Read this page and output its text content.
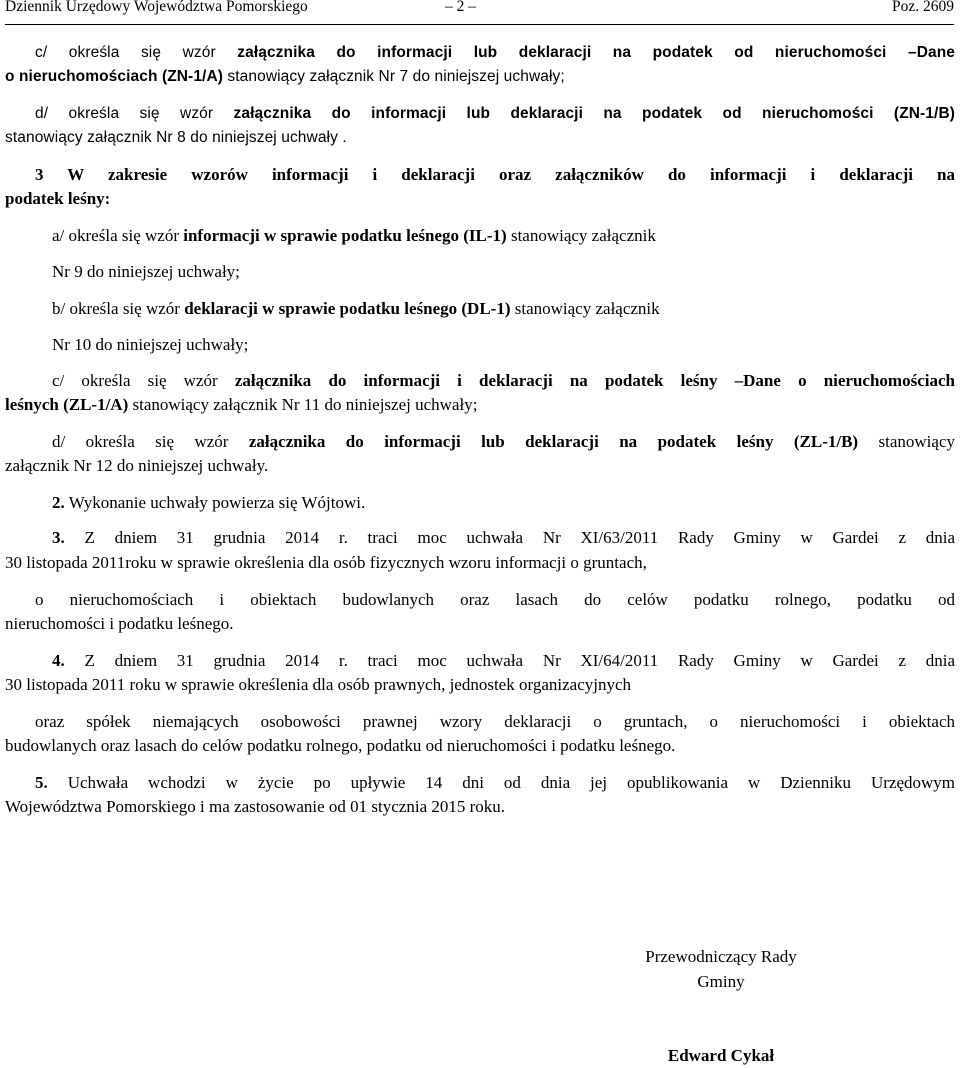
Dziennik Urzędowy Województwa Pomorskiego	– 2 –	Poz. 2609
c/ określa się wzór załącznika do informacji lub deklaracji na podatek od nieruchomości –Dane
o nieruchomościach (ZN-1/A) stanowiący załącznik Nr 7 do niniejszej uchwały;
d/ określa się wzór załącznika do informacji lub deklaracji na podatek od nieruchomości (ZN-1/B)
stanowiący załącznik Nr 8 do niniejszej uchwały .
3 W zakresie wzorów informacji i deklaracji oraz załączników do informacji i deklaracji na
podatek leśny:
a/ określa się wzór informacji w sprawie podatku leśnego (IL-1) stanowiący załącznik
Nr 9 do niniejszej uchwały;
b/ określa się wzór deklaracji w sprawie podatku leśnego (DL-1) stanowiący załącznik
Nr 10 do niniejszej uchwały;
c/ określa się wzór załącznika do informacji i deklaracji na podatek leśny –Dane o nieruchomościach
leśnych (ZL-1/A) stanowiący załącznik Nr 11 do niniejszej uchwały;
d/ określa się wzór załącznika do informacji lub deklaracji na podatek leśny (ZL-1/B) stanowiący
załącznik Nr 12 do niniejszej uchwały.
2. Wykonanie uchwały powierza się Wójtowi.
3. Z dniem 31 grudnia 2014 r. traci moc uchwała Nr XI/63/2011 Rady Gminy w Gardei z dnia
30 listopada 2011roku w sprawie określenia dla osób fizycznych wzoru informacji o gruntach,
o nieruchomościach i obiektach budowlanych oraz lasach do celów podatku rolnego, podatku od
nieruchomości i podatku leśnego.
4. Z dniem 31 grudnia 2014 r. traci moc uchwała Nr XI/64/2011 Rady Gminy w Gardei z dnia
30 listopada 2011 roku w sprawie określenia dla osób prawnych, jednostek organizacyjnych
oraz spółek niemających osobowości prawnej wzory deklaracji o gruntach, o nieruchomości i obiektach
budowlanych oraz lasach do celów podatku rolnego, podatku od nieruchomości i podatku leśnego.
5. Uchwała wchodzi w życie po upływie 14 dni od dnia jej opublikowania w Dzienniku Urzędowym
Województwa Pomorskiego i ma zastosowanie od 01 stycznia 2015 roku.
Przewodniczący Rady
Gminy
Edward Cykał
